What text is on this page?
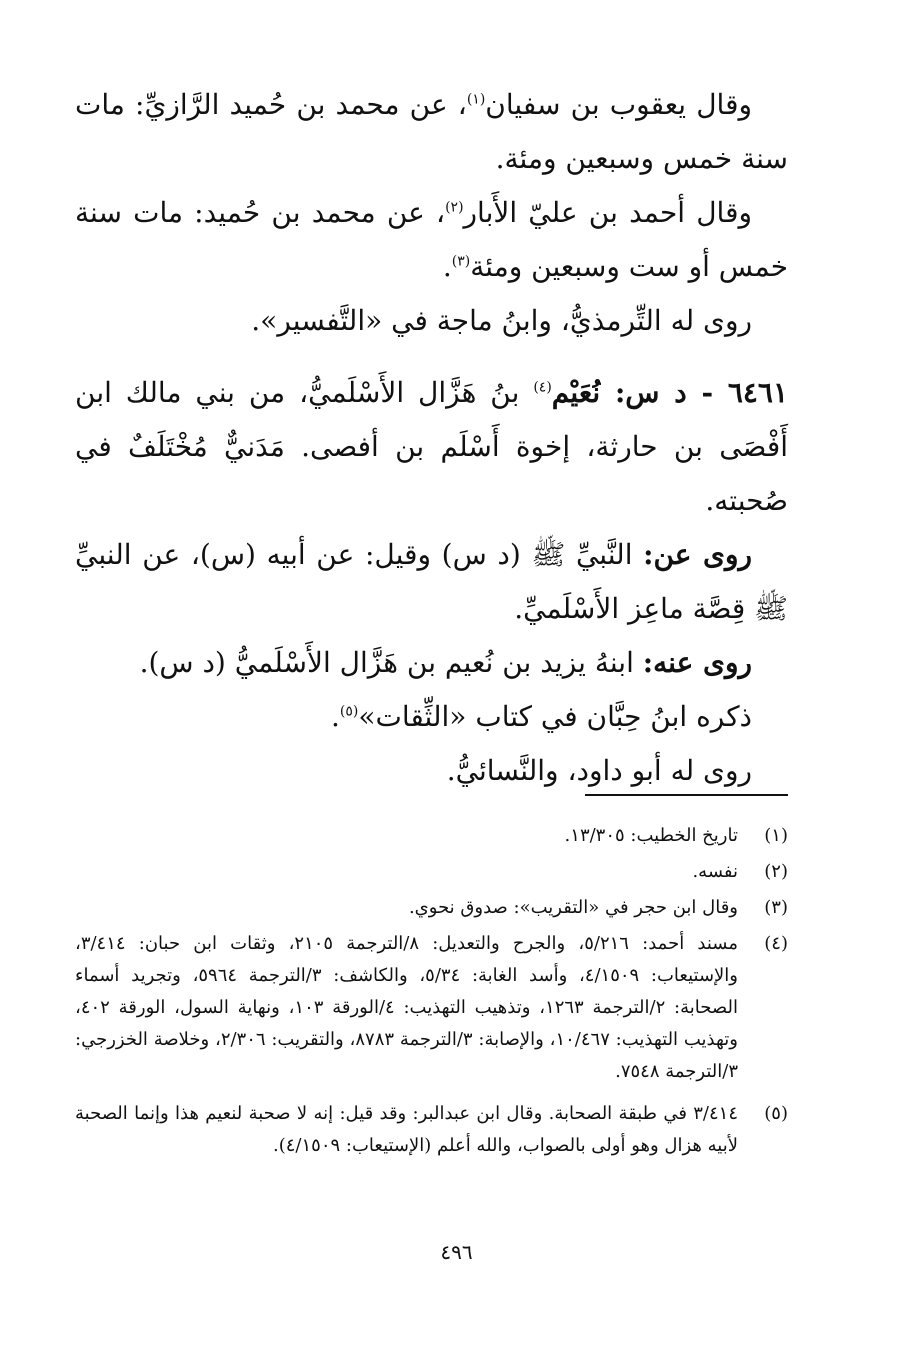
وقال يعقوب بن سفيان$^{(١)}$، عن محمد بن حُميد الرَّازيِّ: مات سنة خمس وسبعين ومئة.

وقال أحمد بن عليّ الأَبار$^{(٢)}$، عن محمد بن حُميد: مات سنة خمس أو ست وسبعين ومئة$^{(٣)}$.

روى له التِّرمذيُّ، وابنُ ماجة في «التَّفسير».

٦٤٦١ - د س: نُعَيْم$^{(٤)}$ بنُ هَزَّال الأَسْلَميُّ، من بني مالك ابن أَفْصَى بن حارثة، إخوة أَسْلَم بن أفصى. مَدَنيٌّ مُخْتَلَفٌ في صُحبته.

روى عن: النَّبيِّ ﷺ (د س) وقيل: عن أبيه (س)، عن النبيِّ ﷺ قِصَّة ماعِز الأَسْلَميِّ.

روى عنه: ابنهُ يزيد بن نُعيم بن هَزَّال الأَسْلَميُّ (د س).

ذكره ابنُ حِبَّان في كتاب «الثِّقات»$^{(٥)}$.

روى له أبو داود، والنَّسائيُّ.

(١)
تاريخ الخطيب: ١٣/٣٠٥.
(٢)
نفسه.
(٣)
وقال ابن حجر في «التقريب»: صدوق نحوي.
(٤)
مسند أحمد: ٥/٢١٦، والجرح والتعديل: ٨/الترجمة ٢١٠٥، وثقات ابن حبان: ٣/٤١٤، والإستيعاب: ٤/١٥٠٩، وأسد الغابة: ٥/٣٤، والكاشف: ٣/الترجمة ٥٩٦٤، وتجريد أسماء الصحابة: ٢/الترجمة ١٢٦٣، وتذهيب التهذيب: ٤/الورقة ١٠٣، ونهاية السول، الورقة ٤٠٢، وتهذيب التهذيب: ١٠/٤٦٧، والإصابة: ٣/الترجمة ٨٧٨٣، والتقريب: ٢/٣٠٦، وخلاصة الخزرجي: ٣/الترجمة ٧٥٤٨.
(٥)
٣/٤١٤ في طبقة الصحابة. وقال ابن عبدالبر: وقد قيل: إنه لا صحبة لنعيم هذا وإنما الصحبة لأبيه هزال وهو أولى بالصواب، والله أعلم (الإستيعاب: ٤/١٥٠٩).
٤٩٦
